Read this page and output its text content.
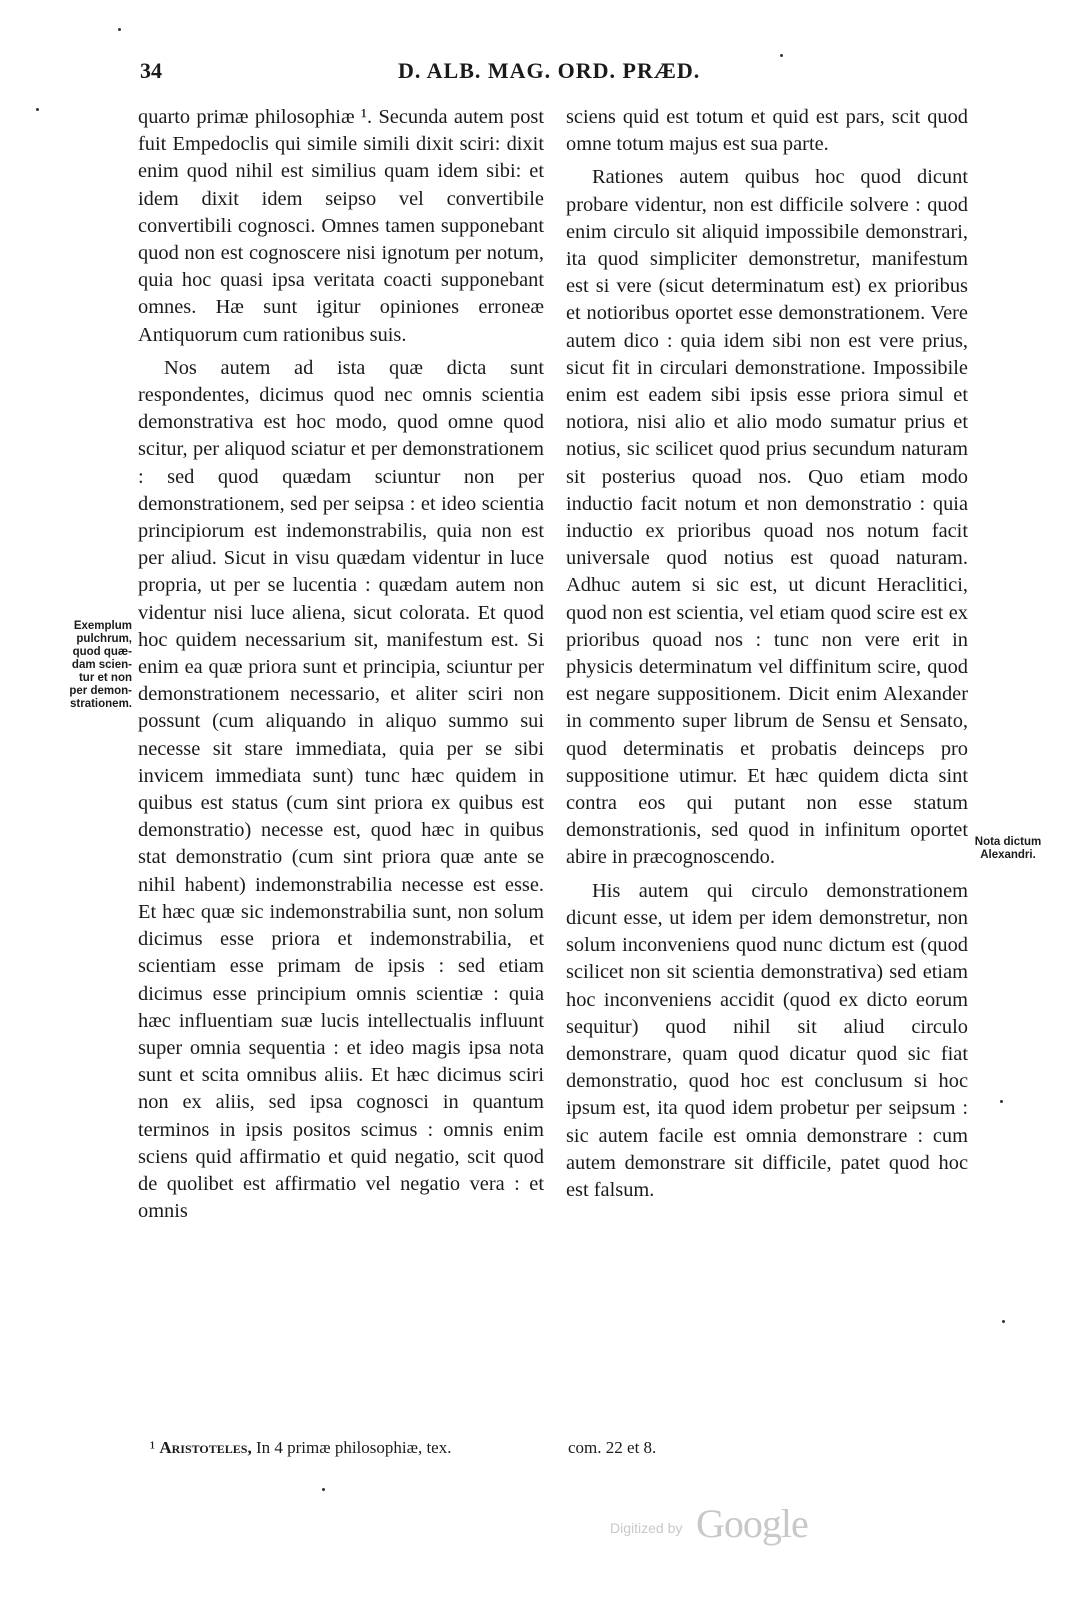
34	D. ALB. MAG. ORD. PRÆD.

quarto primæ philosophiæ ¹. Secunda autem post fuit Empedoclis qui simile simili dixit sciri: dixit enim quod nihil est similius quam idem sibi: et idem dixit idem seipso vel convertibile convertibili cognosci. Omnes tamen supponebant quod non est cognoscere nisi ignotum per notum, quia hoc quasi ipsa veritata coacti supponebant omnes. Hæ sunt igitur opiniones erroneæ Antiquorum cum rationibus suis.

Nos autem ad ista quæ dicta sunt respondentes, dicimus quod nec omnis scientia demonstrativa est hoc modo, quod omne quod scitur, per aliquod sciatur et per demonstrationem : sed quod quædam sciuntur non per demonstrationem, sed per seipsa : et ideo scientia principiorum est indemonstrabilis, quia non est per aliud. Sicut in visu quædam videntur in luce propria, ut per se lucentia : quædam autem non videntur nisi luce aliena, sicut colorata. Et quod hoc quidem necessarium sit, manifestum est. Si enim ea quæ priora sunt et principia, sciuntur per demonstrationem necessario, et aliter sciri non possunt (cum aliquando in aliquo summo sui necesse sit stare immediata, quia per se sibi invicem immediata sunt) tunc hæc quidem in quibus est status (cum sint priora ex quibus est demonstratio) necesse est, quod hæc in quibus stat demonstratio (cum sint priora quæ ante se nihil habent) indemonstrabilia necesse est esse. Et hæc quæ sic indemonstrabilia sunt, non solum dicimus esse priora et indemonstrabilia, et scientiam esse primam de ipsis : sed etiam dicimus esse principium omnis scientiæ : quia hæc influentiam suæ lucis intellectualis influunt super omnia sequentia : et ideo magis ipsa nota sunt et scita omnibus aliis. Et hæc dicimus sciri non ex aliis, sed ipsa cognosci in quantum terminos in ipsis positos scimus : omnis enim sciens quid affirmatio et quid negatio, scit quod de quolibet est affirmatio vel negatio vera : et omnis

sciens quid est totum et quid est pars, scit quod omne totum majus est sua parte.

Rationes autem quibus hoc quod dicunt probare videntur, non est difficile solvere : quod enim circulo sit aliquid impossibile demonstrari, ita quod simpliciter demonstretur, manifestum est si vere (sicut determinatum est) ex prioribus et notioribus oportet esse demonstrationem. Vere autem dico : quia idem sibi non est vere prius, sicut fit in circulari demonstratione. Impossibile enim est eadem sibi ipsis esse priora simul et notiora, nisi alio et alio modo sumatur prius et notius, sic scilicet quod prius secundum naturam sit posterius quoad nos. Quo etiam modo inductio facit notum et non demonstratio : quia inductio ex prioribus quoad nos notum facit universale quod notius est quoad naturam. Adhuc autem si sic est, ut dicunt Heraclitici, quod non est scientia, vel etiam quod scire est ex prioribus quoad nos : tunc non vere erit in physicis determinatum vel diffinitum scire, quod est negare suppositionem. Dicit enim Alexander in commento super librum de Sensu et Sensato, quod determinatis et probatis deinceps pro suppositione utimur. Et hæc quidem dicta sint contra eos qui putant non esse statum demonstrationis, sed quod in infinitum oportet abire in præcognoscendo.

His autem qui circulo demonstrationem dicunt esse, ut idem per idem demonstretur, non solum inconveniens quod nunc dictum est (quod scilicet non sit scientia demonstrativa) sed etiam hoc inconveniens accidit (quod ex dicto eorum sequitur) quod nihil sit aliud circulo demonstrare, quam quod dicatur quod sic fiat demonstratio, quod hoc est conclusum si hoc ipsum est, ita quod idem probetur per seipsum : sic autem facile est omnia demonstrare : cum autem demonstrare sit difficile, patet quod hoc est falsum.

Exemplum
pulchrum,
quod quæ-
dam scien-
tur et non
per demon-
strationem.
Nota dictum
Alexandri.
¹ Aristoteles, In 4 primæ philosophiæ, tex.	com. 22 et 8.
Digitized by Google
